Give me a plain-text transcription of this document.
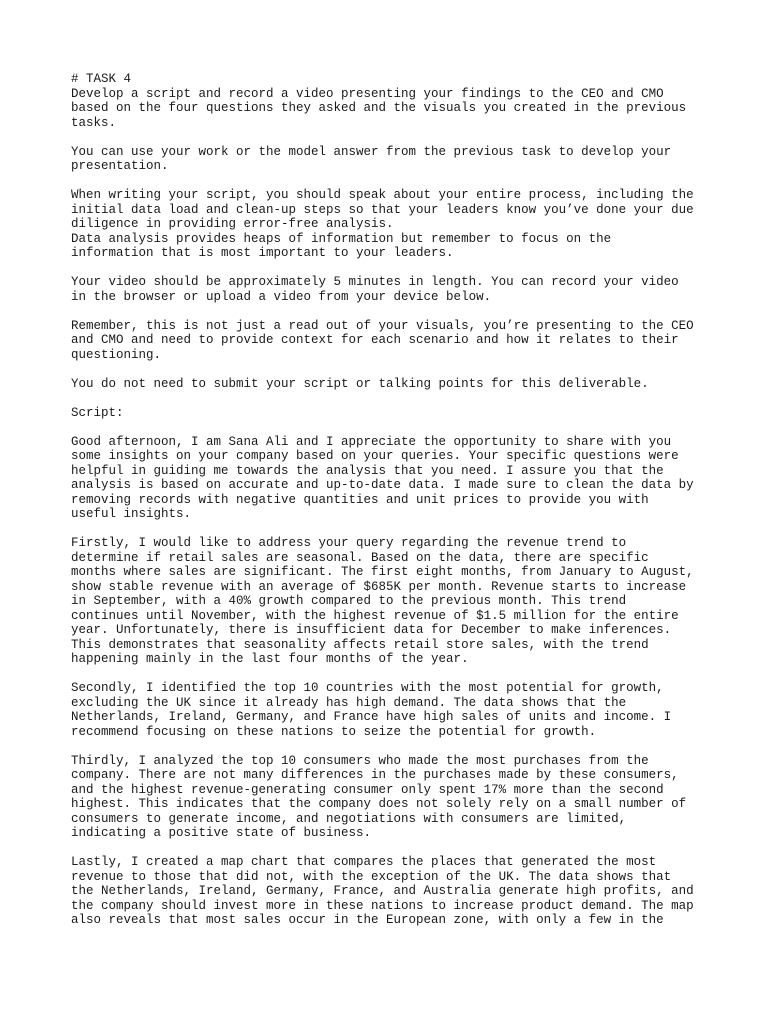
# TASK 4
Develop a script and record a video presenting your findings to the CEO and CMO
based on the four questions they asked and the visuals you created in the previous
tasks.
You can use your work or the model answer from the previous task to develop your
presentation.
When writing your script, you should speak about your entire process, including the
initial data load and clean-up steps so that your leaders know you’ve done your due
diligence in providing error-free analysis.
Data analysis provides heaps of information but remember to focus on the
information that is most important to your leaders.
Your video should be approximately 5 minutes in length. You can record your video
in the browser or upload a video from your device below.
Remember, this is not just a read out of your visuals, you’re presenting to the CEO
and CMO and need to provide context for each scenario and how it relates to their
questioning.
You do not need to submit your script or talking points for this deliverable.
Script:
Good afternoon, I am Sana Ali and I appreciate the opportunity to share with you
some insights on your company based on your queries. Your specific questions were
helpful in guiding me towards the analysis that you need. I assure you that the
analysis is based on accurate and up-to-date data. I made sure to clean the data by
removing records with negative quantities and unit prices to provide you with
useful insights.
Firstly, I would like to address your query regarding the revenue trend to
determine if retail sales are seasonal. Based on the data, there are specific
months where sales are significant. The first eight months, from January to August,
show stable revenue with an average of $685K per month. Revenue starts to increase
in September, with a 40% growth compared to the previous month. This trend
continues until November, with the highest revenue of $1.5 million for the entire
year. Unfortunately, there is insufficient data for December to make inferences.
This demonstrates that seasonality affects retail store sales, with the trend
happening mainly in the last four months of the year.
Secondly, I identified the top 10 countries with the most potential for growth,
excluding the UK since it already has high demand. The data shows that the
Netherlands, Ireland, Germany, and France have high sales of units and income. I
recommend focusing on these nations to seize the potential for growth.
Thirdly, I analyzed the top 10 consumers who made the most purchases from the
company. There are not many differences in the purchases made by these consumers,
and the highest revenue-generating consumer only spent 17% more than the second
highest. This indicates that the company does not solely rely on a small number of
consumers to generate income, and negotiations with consumers are limited,
indicating a positive state of business.
Lastly, I created a map chart that compares the places that generated the most
revenue to those that did not, with the exception of the UK. The data shows that
the Netherlands, Ireland, Germany, France, and Australia generate high profits, and
the company should invest more in these nations to increase product demand. The map
also reveals that most sales occur in the European zone, with only a few in the
